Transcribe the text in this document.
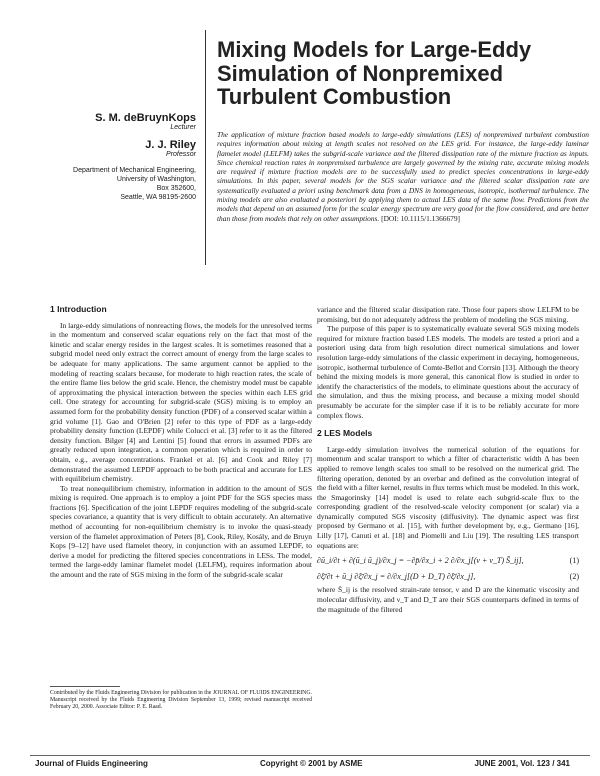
Mixing Models for Large-Eddy Simulation of Nonpremixed Turbulent Combustion
S. M. deBruynKops
Lecturer
J. J. Riley
Professor
Department of Mechanical Engineering,
University of Washington,
Box 352600,
Seattle, WA 98195-2600
The application of mixture fraction based models to large-eddy simulations (LES) of nonpremixed turbulent combustion requires information about mixing at length scales not resolved on the LES grid. For instance, the large-eddy laminar flamelet model (LELFM) takes the subgrid-scale variance and the filtered dissipation rate of the mixture fraction as inputs. Since chemical reaction rates in nonpremixed turbulence are largely governed by the mixing rate, accurate mixing models are required if mixture fraction models are to be successfully used to predict species concentrations in large-eddy simulations. In this paper, several models for the SGS scalar variance and the filtered scalar dissipation rate are systematically evaluated a priori using benchmark data from a DNS in homogeneous, isotropic, isothermal turbulence. The mixing models are also evaluated a posteriori by applying them to actual LES data of the same flow. Predictions from the models that depend on an assumed form for the scalar energy spectrum are very good for the flow considered, and are better than those from models that rely on other assumptions. [DOI: 10.1115/1.1366679]
1 Introduction

In large-eddy simulations of nonreacting flows, the models for the unresolved terms in the momentum and conserved scalar equations rely on the fact that most of the kinetic and scalar energy resides in the largest scales. It is sometimes reasoned that a subgrid model need only extract the correct amount of energy from the large scales to be adequate for many applications. The same argument cannot be applied to the modeling of reacting scalars because, for moderate to high reaction rates, the scale of the entire flame lies below the grid scale. Hence, the chemistry model must be capable of approximating the physical interaction between the species within each LES grid cell. One strategy for accounting for subgrid-scale (SGS) mixing is to employ an assumed form for the probability density function (PDF) of a conserved scalar within a grid volume [1]. Gao and O'Brien [2] refer to this type of PDF as a large-eddy probability density function (LEPDF) while Colucci et al. [3] refer to it as the filtered density function. Bilger [4] and Lentini [5] found that errors in assumed PDFs are greatly reduced upon integration, a common operation which is required in order to obtain, e.g., average concentrations. Frankel et al. [6] and Cook and Riley [7] demonstrated the assumed LEPDF approach to be both practical and accurate for LES with equilibrium chemistry.

To treat nonequilibrium chemistry, information in addition to the amount of SGS mixing is required. One approach is to employ a joint PDF for the SGS species mass fractions [6]. Specification of the joint LEPDF requires modeling of the subgrid-scale species covariance, a quantity that is very difficult to obtain accurately. An alternative method of accounting for non-equilibrium chemistry is to invoke the quasi-steady version of the flamelet approximation of Peters [8], Cook, Riley, Kosály, and de Bruyn Kops [9–12] have used flamelet theory, in conjunction with an assumed LEPDF, to derive a model for predicting the filtered species concentrations in LESs. The model, termed the large-eddy laminar flamelet model (LELFM), requires information about the amount and the rate of SGS mixing in the form of the subgrid-scale scalar

variance and the filtered scalar dissipation rate. Those four papers show LELFM to be promising, but do not adequately address the problem of modeling the SGS mixing.

The purpose of this paper is to systematically evaluate several SGS mixing models required for mixture fraction based LES models. The models are tested a priori and a posteriori using data from high resolution direct numerical simulations and lower resolution large-eddy simulations of the classic experiment in decaying, homogeneous, isotropic, isothermal turbulence of Comte-Bellot and Corrsin [13]. Although the theory behind the mixing models is more general, this canonical flow is studied in order to identify the characteristics of the models, to eliminate questions about the accuracy of the simulation, and thus the mixing process, and because a mixing model should presumably be accurate for the simpler case if it is to be reliably accurate for more complex flows.

2 LES Models

Large-eddy simulation involves the numerical solution of the equations for momentum and scalar transport to which a filter of characteristic width Δ has been applied to remove length scales too small to be resolved on the numerical grid. The filtering operation, denoted by an overbar and defined as the convolution integral of the field with a filter kernel, results in flux terms which must be modeled. In this work, the Smagorinsky [14] model is used to relate each subgrid-scale flux to the corresponding gradient of the resolved-scale velocity component (or scalar) via a dynamically computed SGS viscosity (diffusivity). The dynamic aspect was first proposed by Germano et al. [15], with further development by, e.g., Germano [16], Lilly [17], Canuti et al. [18] and Piomelli and Liu [19]. The resulting LES transport equations are:

∂ū_i/∂t + ∂(ū_i ū_j)/∂x_j = −∂p̄/∂x_i + 2 ∂/∂x_j[(ν + ν_T) S̄_ij],	(1)
∂ξ̄/∂t + ū_j ∂ξ̄/∂x_j = ∂/∂x_j[(D + D_T) ∂ξ̄/∂x_j],	(2)

where S̄_ij is the resolved strain-rate tensor, ν and D are the kinematic viscosity and molecular diffusivity, and ν_T and D_T are their SGS counterparts defined in terms of the magnitude of the filtered

Contributed by the Fluids Engineering Division for publication in the JOURNAL OF FLUIDS ENGINEERING. Manuscript received by the Fluids Engineering Division September 13, 1999; revised manuscript received February 20, 2000. Associate Editor: P. E. Raad.
Journal of Fluids Engineering	Copyright © 2001 by ASME	JUNE 2001, Vol. 123 / 341
